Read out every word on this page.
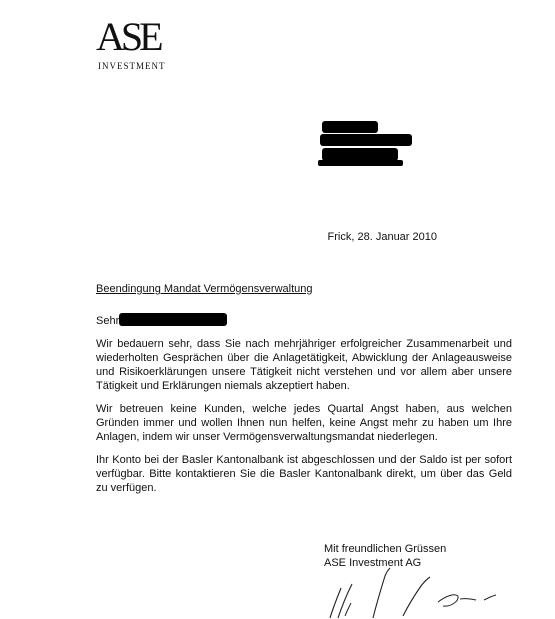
ASE
INVESTMENT
Frick, 28. Januar 2010
Beendingung Mandat Vermögensverwaltung
Sehr

Wir bedauern sehr, dass Sie nach mehrjähriger erfolgreicher Zusammenarbeit und wiederholten Gesprächen über die Anlagetätigkeit, Abwicklung der Anlageausweise und Risikoerklärungen unsere Tätigkeit nicht verstehen und vor allem aber unsere Tätigkeit und Erklärungen niemals akzeptiert haben.

Wir betreuen keine Kunden, welche jedes Quartal Angst haben, aus welchen Gründen immer und wollen Ihnen nun helfen, keine Angst mehr zu haben um Ihre Anlagen, indem wir unser Vermögensverwaltungsmandat niederlegen.

Ihr Konto bei der Basler Kantonalbank ist abgeschlossen und der Saldo ist per sofort verfügbar. Bitte kontaktieren Sie die Basler Kantonalbank direkt, um über das Geld zu verfügen.

Mit freundlichen Grüssen
ASE Investment AG
